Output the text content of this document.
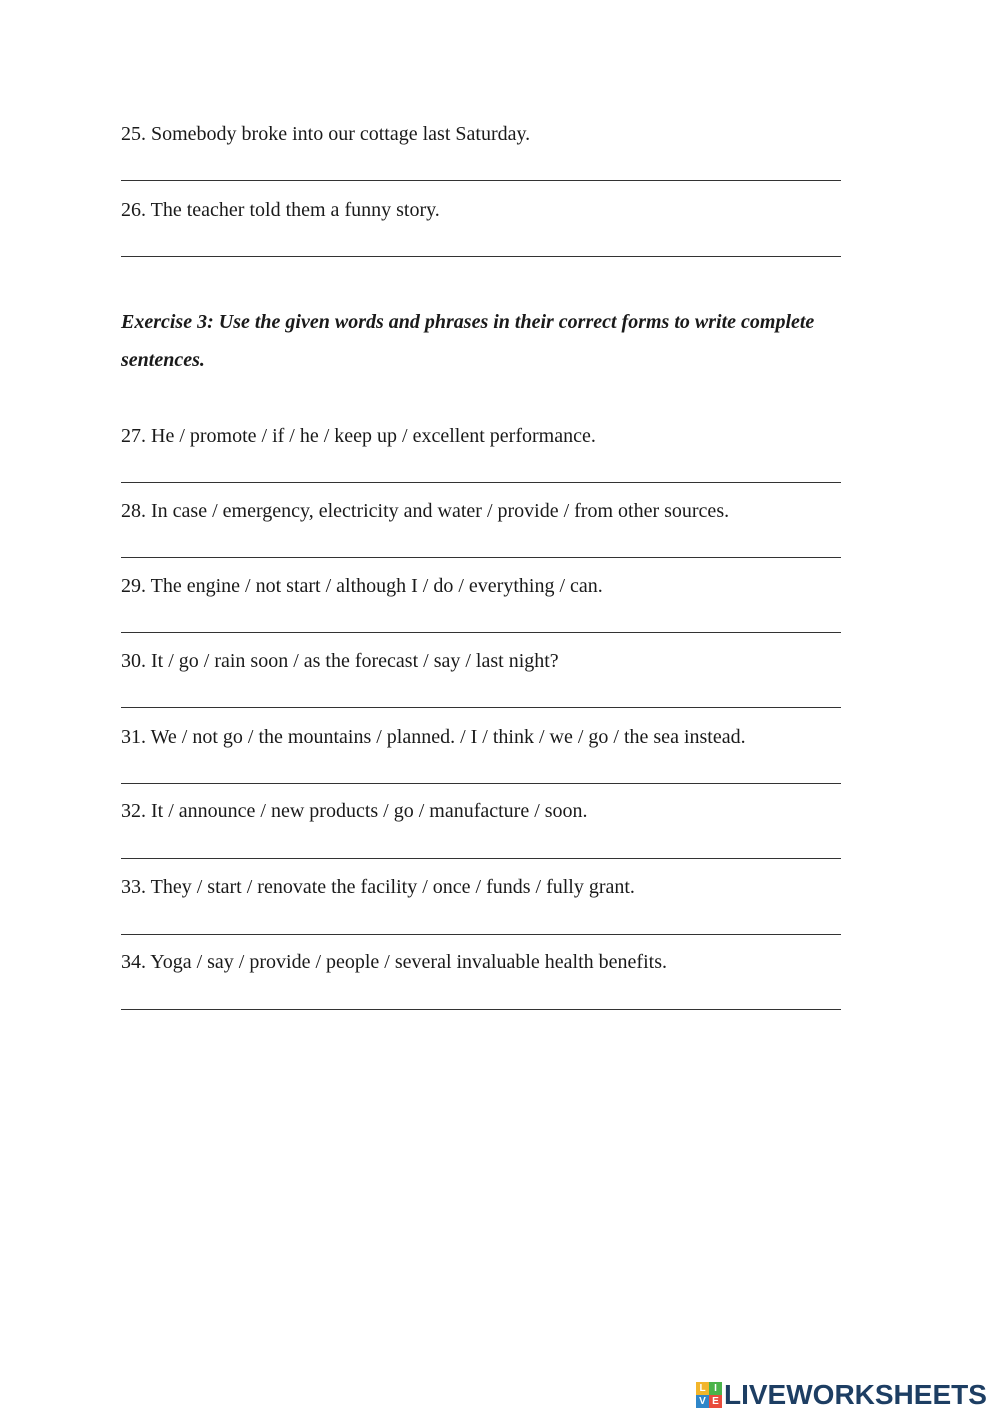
25. Somebody broke into our cottage last Saturday.
26. The teacher told them a funny story.
Exercise 3: Use the given words and phrases in their correct forms to write complete
sentences.
27. He / promote / if / he / keep up / excellent performance.
28. In case / emergency, electricity and water / provide / from other sources.
29. The engine / not start / although I / do / everything / can.
30. It / go / rain soon / as the forecast / say / last night?
31. We / not go / the mountains / planned. / I / think / we / go / the sea instead.
32. It / announce / new products / go / manufacture / soon.
33. They / start / renovate the facility / once / funds / fully grant.
34. Yoga / say / provide / people / several invaluable health benefits.
L I
V E LIVEWORKSHEETS
